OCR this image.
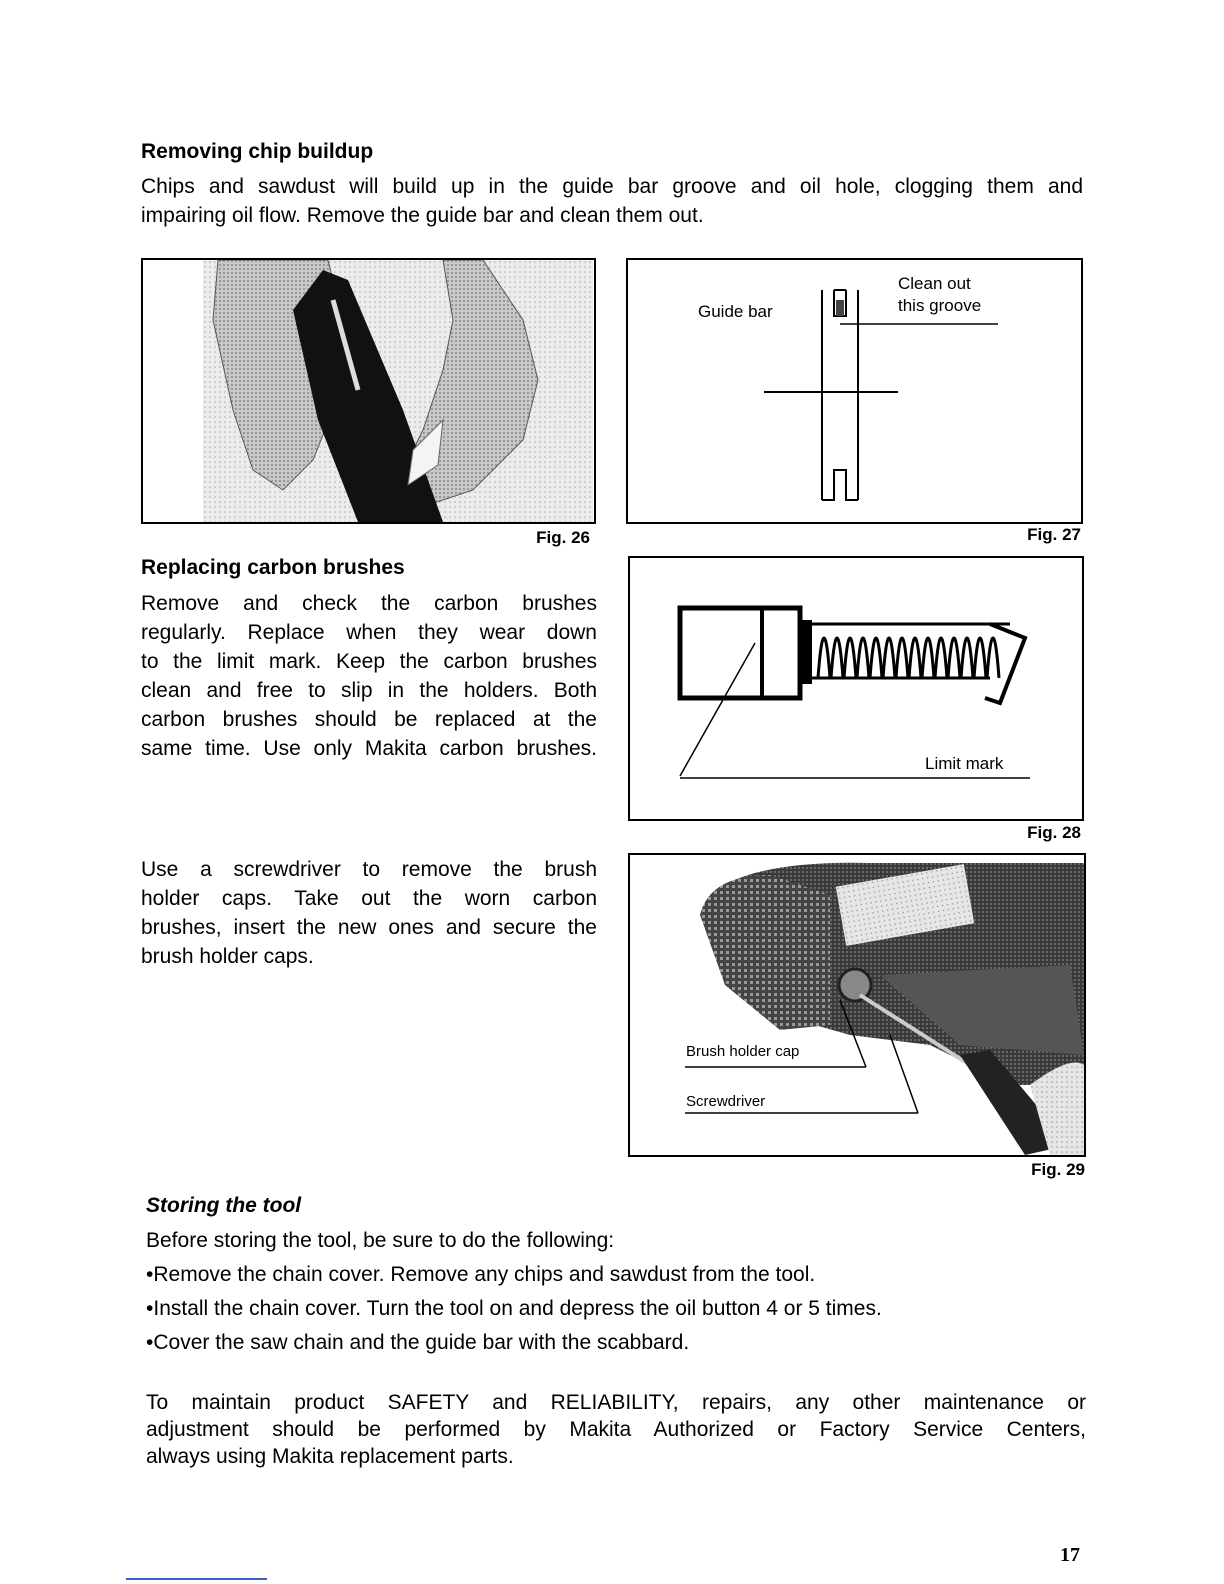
Removing chip buildup
Chips and sawdust will build up in the guide bar groove and oil hole, clogging them and
impairing oil flow. Remove the guide bar and clean them out.
Fig. 26
Guide bar
Clean out
this groove
Fig. 27
Replacing carbon brushes
Remove and check the carbon brushes
regularly. Replace when they wear down
to the limit mark. Keep the carbon brushes
clean and free to slip in the holders. Both
carbon brushes should be replaced at the
same time. Use only Makita carbon brushes.
Limit mark
Fig. 28
Use a screwdriver to remove the brush
holder caps. Take out the worn carbon
brushes, insert the new ones and secure the
brush holder caps.
Brush holder cap
Screwdriver
Fig. 29
Storing the tool
Before storing the tool, be sure to do the following:
• Remove the chain cover. Remove any chips and sawdust from the tool.
• Install the chain cover. Turn the tool on and depress the oil button 4 or 5 times.
• Cover the saw chain and the guide bar with the scabbard.
To maintain product SAFETY and RELIABILITY, repairs, any other maintenance or
adjustment should be performed by Makita Authorized or Factory Service Centers,
always using Makita replacement parts.
17
